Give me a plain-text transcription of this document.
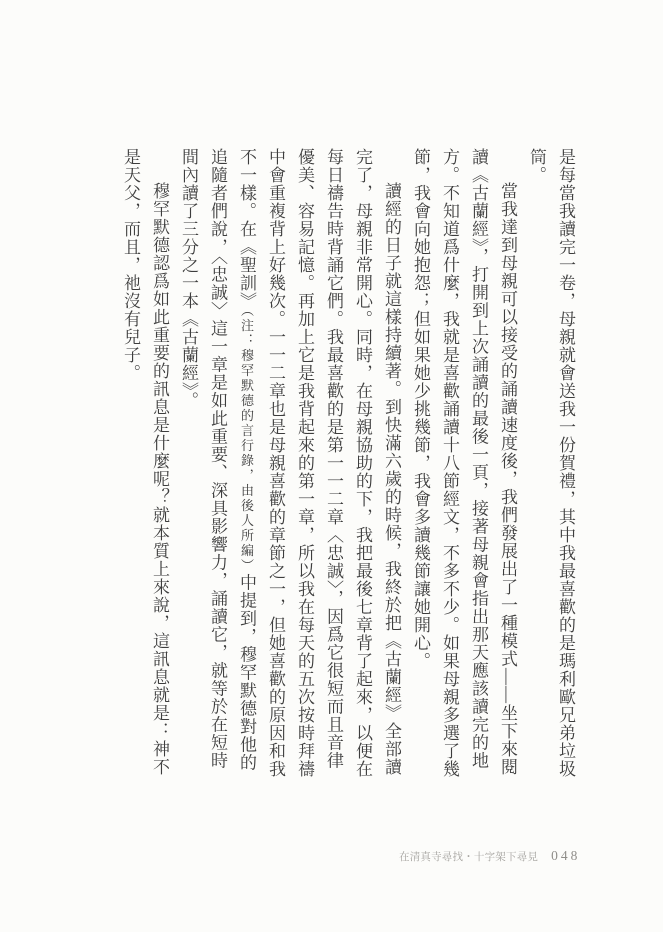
是每當我讀完一卷，母親就會送我一份賀禮，其中我最喜歡的是瑪利歐兄弟垃圾筒。

當我達到母親可以接受的誦讀速度後，我們發展出了一種模式——坐下來閱讀《古蘭經》，打開到上次誦讀的最後一頁，接著母親會指出那天應該讀完的地方。不知道爲什麼，我就是喜歡誦讀十八節經文，不多不少。如果母親多選了幾節，我會向她抱怨；但如果她少挑幾節，我會多讀幾節讓她開心。

讀經的日子就這樣持續著。到快滿六歲的時候，我終於把《古蘭經》全部讀完了，母親非常開心。同時，在母親協助的下，我把最後七章背了起來，以便在每日禱告時背誦它們。我最喜歡的是第一一二章〈忠誠〉，因爲它很短而且音律優美、容易記憶。再加上它是我背起來的第一章，所以我在每天的五次按時拜禱中會重複背上好幾次。一一二章也是母親喜歡的章節之一，但她喜歡的原因和我不一樣。在《聖訓》（注：穆罕默德的言行錄，由後人所編）中提到，穆罕默德對他的追隨者們說，〈忠誠〉這一章是如此重要、深具影響力，誦讀它，就等於在短時間內讀了三分之一本《古蘭經》。

穆罕默德認爲如此重要的訊息是什麼呢？就本質上來說，這訊息就是：神不是天父，而且，祂沒有兒子。

在清真寺尋找・十字架下尋見 048
